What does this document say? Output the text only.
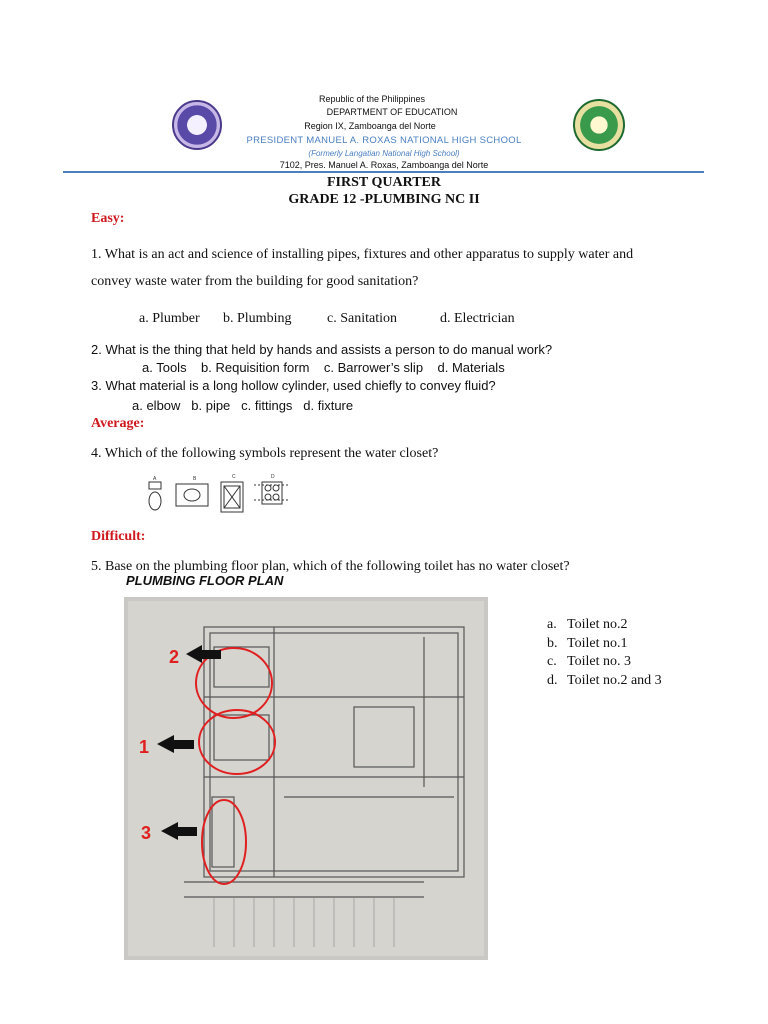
Republic of the Philippines
DEPARTMENT OF EDUCATION
Region IX, Zamboanga del Norte
PRESIDENT MANUEL A. ROXAS NATIONAL HIGH SCHOOL
(Formerly Langatian National High School)
7102, Pres. Manuel A. Roxas, Zamboanga del Norte
FIRST QUARTER
GRADE 12 -PLUMBING NC II
Easy:
1. What is an act and science of installing pipes, fixtures and other apparatus to supply water and
convey waste water from the building for good sanitation?
a. Plumber b. Plumbing	c. Sanitation	d. Electrician
2. What is the thing that held by hands and assists a person to do manual work?
a. Tools    b. Requisition form    c. Barrower’s slip    d. Materials
3. What material is a long hollow cylinder, used chiefly to convey fluid?
a. elbow   b. pipe   c. fittings   d. fixture
Average:
4. Which of the following symbols represent the water closet?
A	B	C	D
Difficult:
5. Base on the plumbing floor plan, which of the following toilet has no water closet?
PLUMBING FLOOR PLAN
2
1
3
a. Toilet no.2
b. Toilet no.1
c. Toilet no. 3
d. Toilet no.2 and 3
